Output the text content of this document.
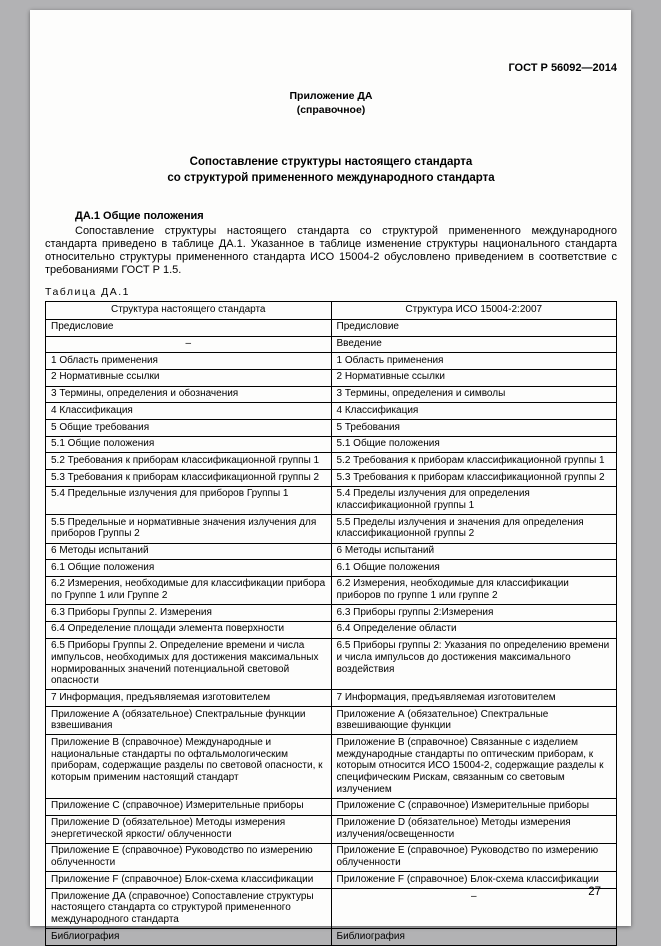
ГОСТ Р 56092—2014
Приложение ДА
(справочное)
Сопоставление структуры настоящего стандарта
со структурой примененного международного стандарта
ДА.1 Общие положения

Сопоставление структуры настоящего стандарта со структурой примененного международного стандарта приведено в таблице ДА.1. Указанное в таблице изменение структуры национального стандарта относительно структуры примененного стандарта ИСО 15004-2 обусловлено приведением в соответствие с требованиями ГОСТ Р 1.5.

Таблица ДА.1
Структура настоящего стандарта	Структура ИСО 15004-2:2007
Предисловие	Предисловие
–	Введение
1 Область применения	1 Область применения
2 Нормативные ссылки	2 Нормативные ссылки
3 Термины, определения и обозначения	3 Термины, определения и символы
4 Классификация	4 Классификация
5 Общие требования	5 Требования
5.1 Общие положения	5.1 Общие положения
5.2 Требования к приборам классификационной группы 1	5.2 Требования к приборам классификационной группы 1
5.3 Требования к приборам классификационной группы 2	5.3 Требования к приборам классификационной группы 2
5.4 Предельные излучения для приборов Группы 1	5.4 Пределы излучения для определения классификационной группы 1
5.5 Предельные и нормативные значения излучения для приборов Группы 2	5.5 Пределы излучения и значения для определения классификационной группы 2
6 Методы испытаний	6 Методы испытаний
6.1 Общие положения	6.1 Общие положения
6.2 Измерения, необходимые для классификации прибора по Группе 1 или Группе 2	6.2 Измерения, необходимые для классификации приборов по группе 1 или группе 2
6.3 Приборы Группы 2. Измерения	6.3 Приборы группы 2:Измерения
6.4 Определение площади элемента поверхности	6.4 Определение области
6.5 Приборы Группы 2. Определение времени и числа импульсов, необходимых для достижения максимальных нормированных значений потенциальной световой опасности	6.5 Приборы группы 2: Указания по определению времени и числа импульсов до достижения максимального воздействия
7 Информация, предъявляемая изготовителем	7 Информация, предъявляемая изготовителем
Приложение А (обязательное) Спектральные функции взвешивания	Приложение А (обязательное) Спектральные взвешивающие функции
Приложение В (справочное) Международные и национальные стандарты по офтальмологическим приборам, содержащие разделы по световой опасности, к которым применим настоящий стандарт	Приложение В (справочное) Связанные с изделием международные стандарты по оптическим приборам, к которым относится ИСО 15004-2, содержащие разделы к специфическим Рискам, связанным со световым излучением
Приложение С (справочное) Измерительные приборы	Приложение С (справочное) Измерительные приборы
Приложение D (обязательное) Методы измерения энергетической яркости/ облученности	Приложение D (обязательное) Методы измерения излучения/освещенности
Приложение Е (справочное) Руководство по измерению облученности	Приложение Е (справочное) Руководство по измерению облученности
Приложение F (справочное) Блок-схема классификации	Приложение F (справочное) Блок-схема классификации
Приложение ДА (справочное) Сопоставление структуры настоящего стандарта со структурой примененного международного стандарта	–
Библиография	Библиография
27
